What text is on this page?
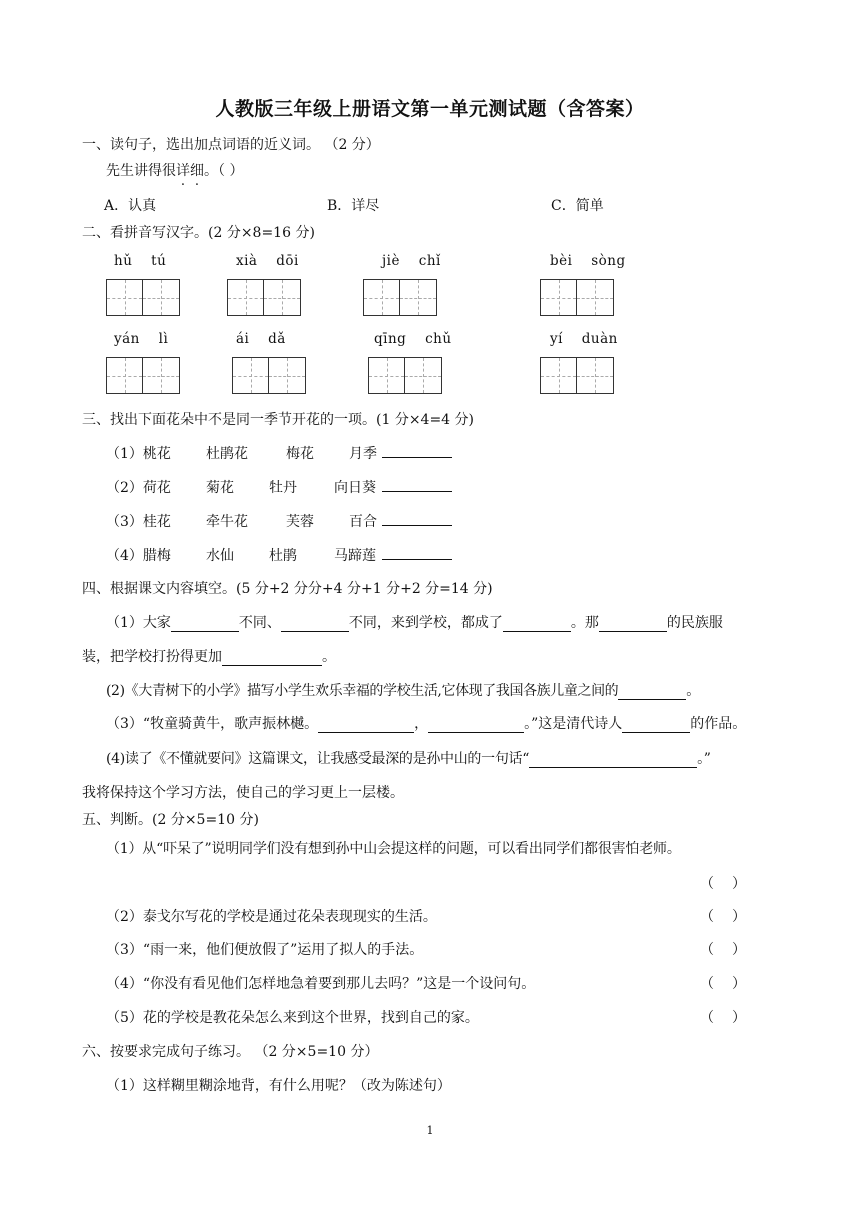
人教版三年级上册语文第一单元测试题（含答案）
一、读句子，选出加点词语的近义词。 （2 分）
先生讲得很详细。（ ）
A．认真	B．详尽	C．简单
二、看拼音写汉字。(2 分×8=16 分)
hǔ tú	xià dōi	jiè chǐ	bèi sòng
yán lì	ái dǎ	qīng chǔ	yí duàn
三、找出下面花朵中不是同一季节开花的一项。(1 分×4=4 分)
（1）桃花	杜鹃花	梅花	月季
（2）荷花	菊花	牡丹	向日葵
（3）桂花	牵牛花	芙蓉	百合
（4）腊梅	水仙	杜鹃	马蹄莲
四、根据课文内容填空。(5 分+2 分分+4 分+1 分+2 分=14 分)
（1）大家	不同、	不同，来到学校，都成了	。那	的民族服
装，把学校打扮得更加	。
(2)《大青树下的小学》描写小学生欢乐幸福的学校生活,它体现了我国各族儿童之间的	。
（3）“牧童骑黄牛，歌声振林樾。	，	。”这是清代诗人	的作品。
(4)读了《不懂就要问》这篇课文，让我感受最深的是孙中山的一句话“	。”
我将保持这个学习方法，使自己的学习更上一层楼。
五、判断。(2 分×5=10 分)
（1）从“吓呆了”说明同学们没有想到孙中山会提这样的问题，可以看出同学们都很害怕老师。
（ ）
（2）泰戈尔写花的学校是通过花朵表现现实的生活。	（ ）
（3）“雨一来，他们便放假了”运用了拟人的手法。	（ ）
（4）“你没有看见他们怎样地急着要到那儿去吗？”这是一个设问句。	（ ）
（5）花的学校是教花朵怎么来到这个世界，找到自己的家。	（ ）
六、按要求完成句子练习。 （2 分×5=10 分）
（1）这样糊里糊涂地背，有什么用呢？（改为陈述句）
1
